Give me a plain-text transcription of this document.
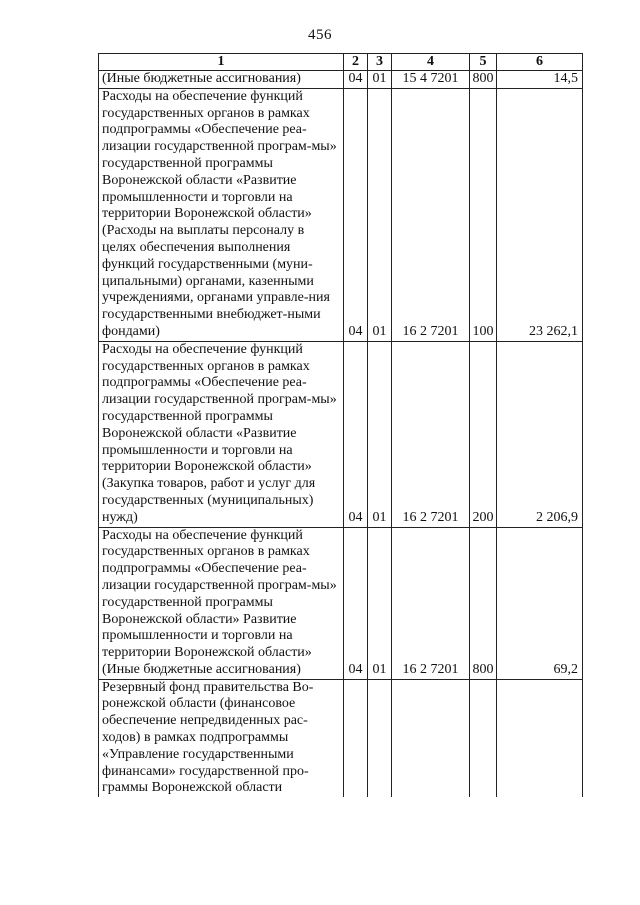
456
1	2	3	4	5	6
(Иные бюджетные ассигнования)	04	01	15 4 7201	800	14,5
Расходы на обеспечение функций государственных органов в рамках подпрограммы «Обеспечение реа-лизации государственной програм-мы» государственной программы Воронежской области «Развитие промышленности и торговли на территории Воронежской области» (Расходы на выплаты персоналу в целях обеспечения выполнения функций государственными (муни-ципальными) органами, казенными учреждениями, органами управле-ния государственными внебюджет-ными фондами)	04	01	16 2 7201	100	23 262,1
Расходы на обеспечение функций государственных органов в рамках подпрограммы «Обеспечение реа-лизации государственной програм-мы» государственной программы Воронежской области «Развитие промышленности и торговли на территории Воронежской области» (Закупка товаров, работ и услуг для государственных (муниципальных) нужд)	04	01	16 2 7201	200	2 206,9
Расходы на обеспечение функций государственных органов в рамках подпрограммы «Обеспечение реа-лизации государственной програм-мы» государственной программы Воронежской области» Развитие промышленности и торговли на территории Воронежской области» (Иные бюджетные ассигнования)	04	01	16 2 7201	800	69,2
Резервный фонд правительства Во-ронежской области (финансовое обеспечение непредвиденных рас-ходов) в рамках подпрограммы «Управление государственными финансами» государственной про-граммы Воронежской области					
